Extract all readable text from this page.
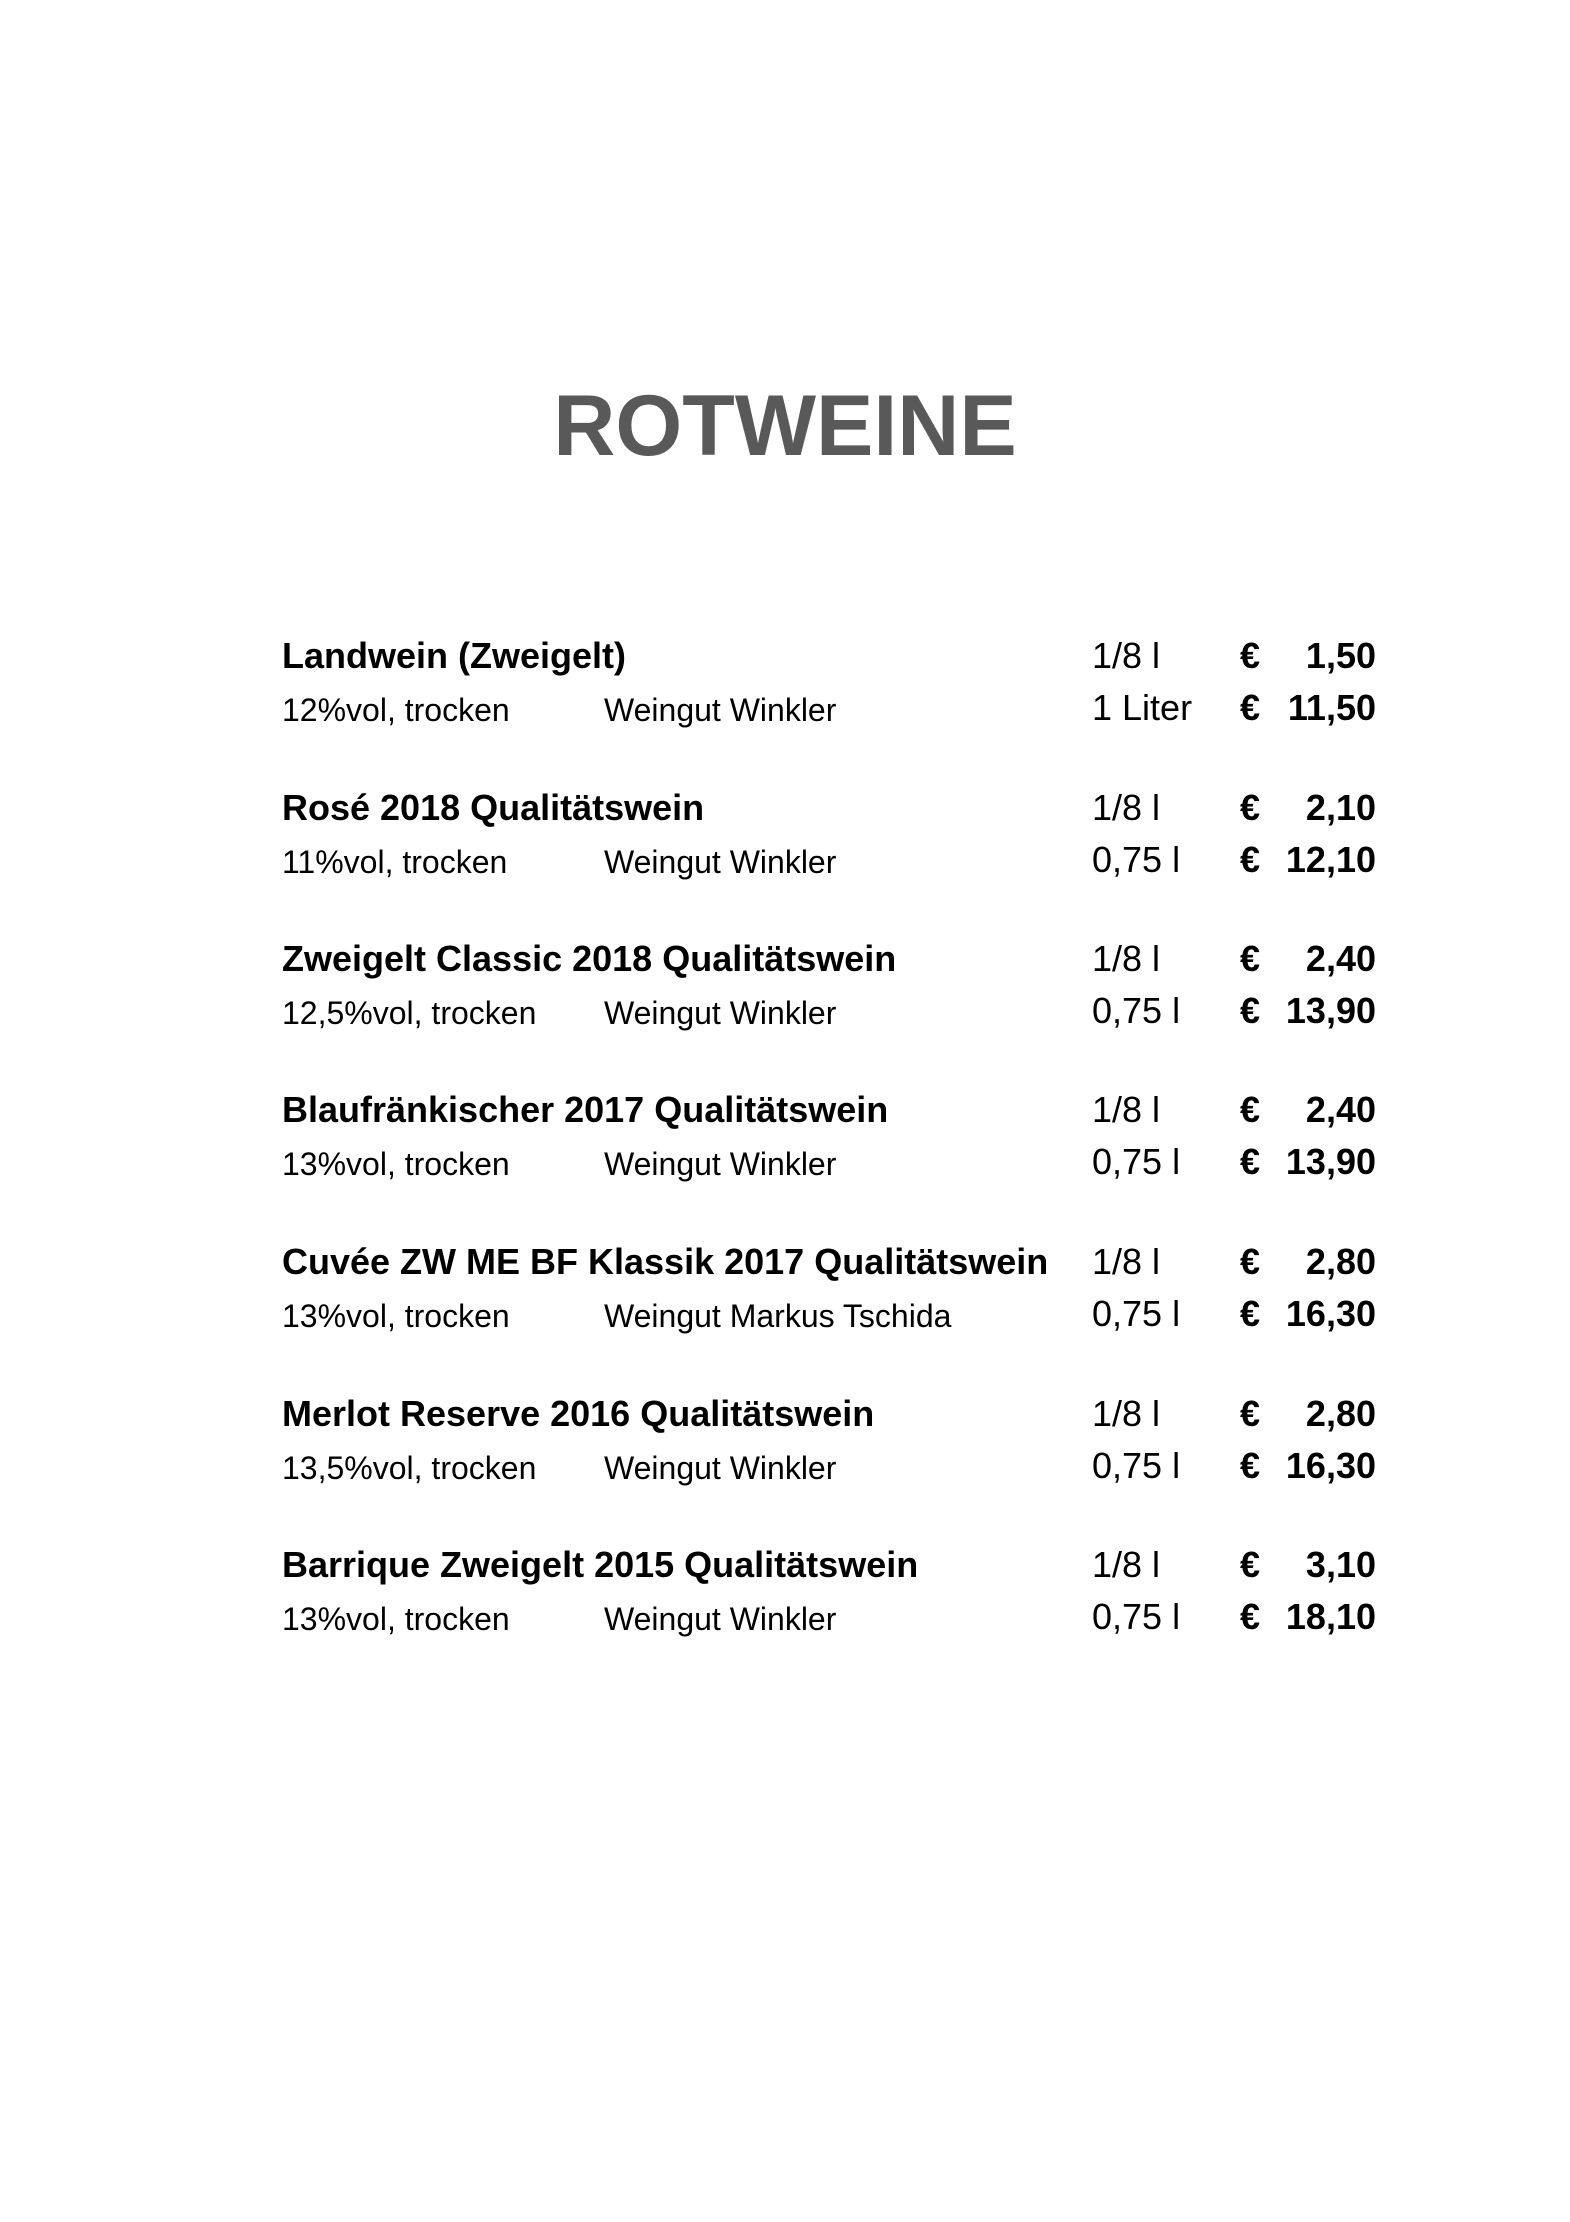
ROTWEINE
Landwein (Zweigelt)	1/8 l €	1,50
12%vol, trocken	Weingut Winkler	1 Liter € 11,50
Rosé 2018 Qualitätswein	1/8 l €	2,10
11%vol, trocken	Weingut Winkler	0,75 l € 12,10
Zweigelt Classic 2018 Qualitätswein	1/8 l €	2,40
12,5%vol, trocken Weingut Winkler	0,75 l € 13,90
Blaufränkischer 2017 Qualitätswein	1/8 l €	2,40
13%vol, trocken	Weingut Winkler	0,75 l € 13,90
Cuvée ZW ME BF Klassik 2017 Qualitätswein 1/8 l €	2,80
13%vol, trocken	Weingut Markus Tschida	0,75 l € 16,30
Merlot Reserve 2016 Qualitätswein	1/8 l €	2,80
13,5%vol, trocken Weingut Winkler	0,75 l € 16,30
Barrique Zweigelt 2015 Qualitätswein	1/8 l €	3,10
13%vol, trocken	Weingut Winkler	0,75 l € 18,10
